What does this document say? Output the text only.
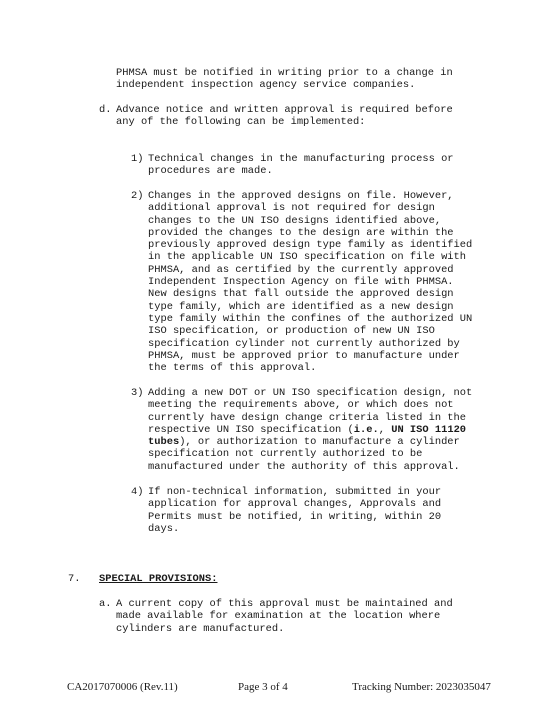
PHMSA must be notified in writing prior to a change in
independent inspection agency service companies.
d. Advance notice and written approval is required before
any of the following can be implemented:
1) Technical changes in the manufacturing process or
procedures are made.
2) Changes in the approved designs on file. However,
additional approval is not required for design
changes to the UN ISO designs identified above,
provided the changes to the design are within the
previously approved design type family as identified
in the applicable UN ISO specification on file with
PHMSA, and as certified by the currently approved
Independent Inspection Agency on file with PHMSA.
New designs that fall outside the approved design
type family, which are identified as a new design
type family within the confines of the authorized UN
ISO specification, or production of new UN ISO
specification cylinder not currently authorized by
PHMSA, must be approved prior to manufacture under
the terms of this approval.
3) Adding a new DOT or UN ISO specification design, not
meeting the requirements above, or which does not
currently have design change criteria listed in the
respective UN ISO specification (i.e., UN ISO 11120
tubes), or authorization to manufacture a cylinder
specification not currently authorized to be
manufactured under the authority of this approval.
4) If non-technical information, submitted in your
application for approval changes, Approvals and
Permits must be notified, in writing, within 20
days.
7. SPECIAL PROVISIONS:
a. A current copy of this approval must be maintained and
made available for examination at the location where
cylinders are manufactured.
CA2017070006 (Rev.11)	Page 3 of 4	Tracking Number: 2023035047
